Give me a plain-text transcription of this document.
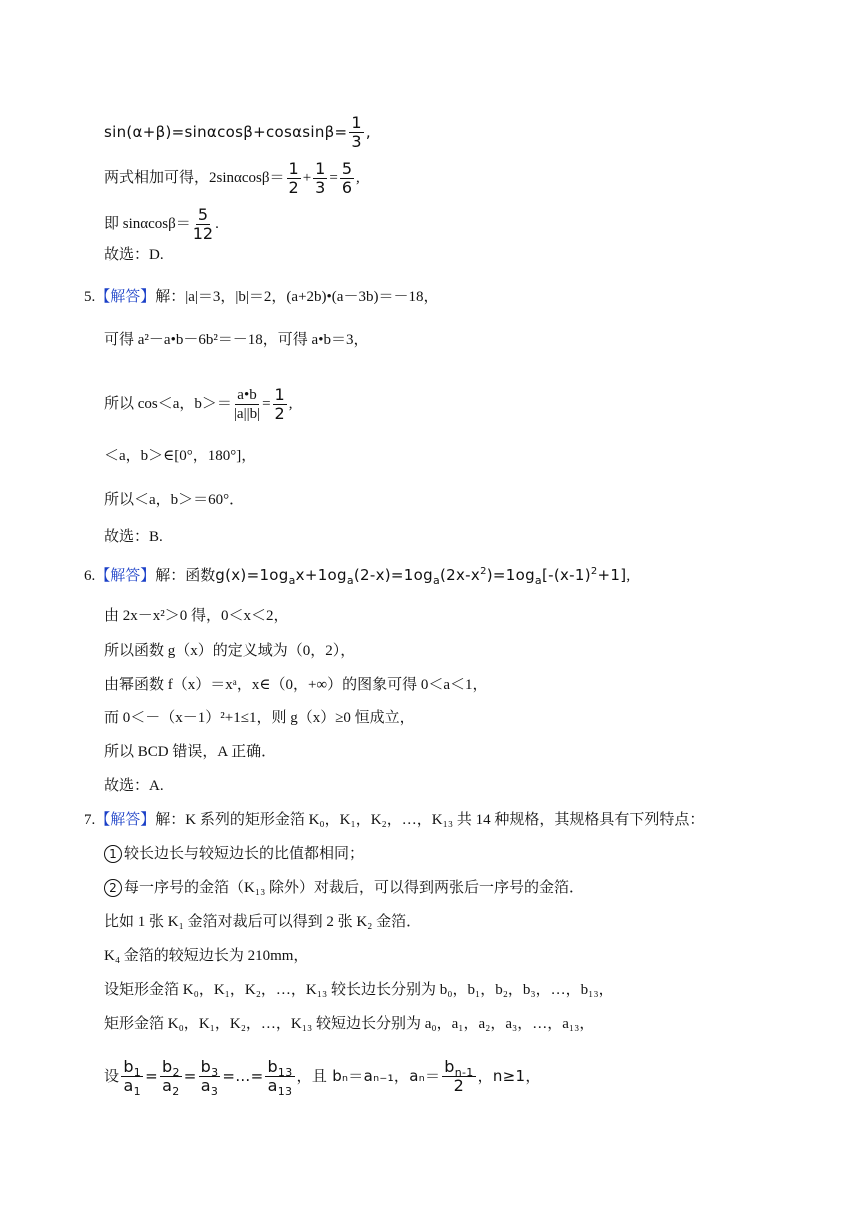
$\sin(\alpha+\beta)=\sin\alpha\cos\beta+\cos\alpha\sin\beta= \frac{1}{3}$ ,
两式相加可得，$2\sin\alpha\cos\beta= \frac{1}{2} + \frac{1}{3} = \frac{5}{6}$ ,
即 $\sin\alpha\cos\beta= \frac{5}{12}$ .
故选：D.
5.【解答】解：|a|＝3，|b|＝2，(a+2b)•(a－3b)＝－18，
可得 a²－a•b－6b²＝－18，可得 a•b＝3，
所以 cos＜a，$b>= \frac{a•b}{|a||b|} = \frac{1}{2}$ ,
＜a，b＞∈[0°，180°]，
所以＜a，b＞＝60°．
故选：B.
6.【解答】解：函数$g(x)=1og_ax+1og_a(2-x)=1og_a(2x-x^2)=1og_a[-(x-1)^2+1]$,
由 2x－x²＞0 得，0＜x＜2，
所以函数 g（x）的定义域为（0，2），
由幂函数 f（x）＝xᵃ，x∈（0，+∞）的图象可得 0＜a＜1，
而 0＜－（x－1）²+1≤1，则 g（x）≥0 恒成立，
所以 BCD 错误，A 正确．
故选：A.
7.【解答】解：K 系列的矩形金箔 K₀，K₁，K₂，…，K₁₃ 共 14 种规格，其规格具有下列特点：
1 较长边长与较短边长的比值都相同；
2 每一序号的金箔（K₁₃ 除外）对裁后，可以得到两张后一序号的金箔．
比如 1 张 K₁ 金箔对裁后可以得到 2 张 K₂ 金箔．
K₄ 金箔的较短边长为 210mm，
设矩形金箔 K₀，K₁，K₂，…，K₁₃ 较长边长分别为 b₀，b₁，b₂，b₃，…，b₁₃，
矩形金箔 K₀，K₁，K₂，…，K₁₃ 较短边长分别为 a₀，a₁，a₂，a₃，…，a₁₃，
设 $\frac{b_1}{a_1} = \frac{b_2}{a_2} = \frac{b_3}{a_3}$ =…= $\frac{b_{13}}{a_{13}}$ ，且 bₙ＝aₙ₋₁，$a_n= \frac{b_{n-1}}{2}$ ，n≥1，
